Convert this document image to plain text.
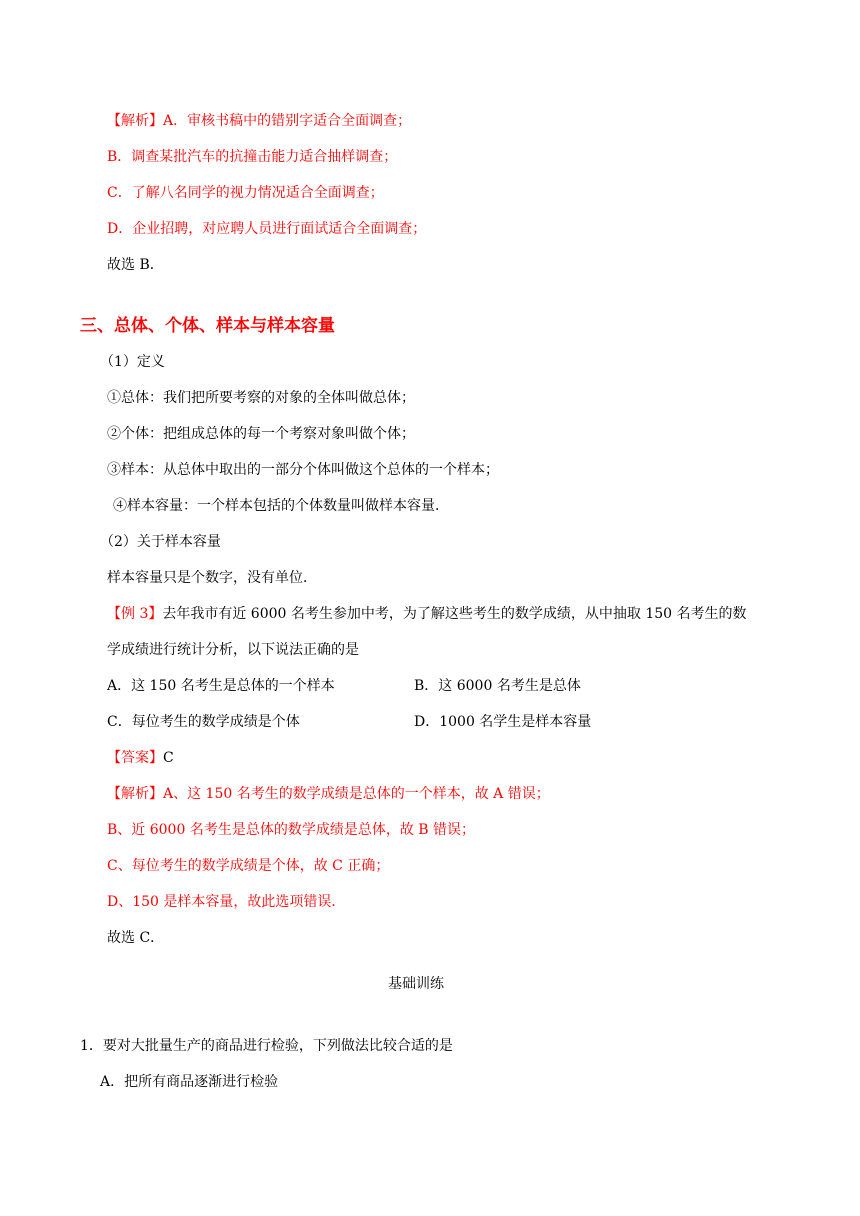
【解析】A．审核书稿中的错别字适合全面调查；
B．调查某批汽车的抗撞击能力适合抽样调查；
C．了解八名同学的视力情况适合全面调查；
D．企业招聘，对应聘人员进行面试适合全面调查；
故选 B．
三、总体、个体、样本与样本容量
（1）定义
①总体：我们把所要考察的对象的全体叫做总体；
②个体：把组成总体的每一个考察对象叫做个体；
③样本：从总体中取出的一部分个体叫做这个总体的一个样本；
④样本容量：一个样本包括的个体数量叫做样本容量．
（2）关于样本容量
样本容量只是个数字，没有单位．
【例 3】去年我市有近 6000 名考生参加中考，为了解这些考生的数学成绩，从中抽取 150 名考生的数
学成绩进行统计分析，以下说法正确的是
A．这 150 名考生是总体的一个样本	B．这 6000 名考生是总体
C．每位考生的数学成绩是个体	D．1000 名学生是样本容量
【答案】C
【解析】A、这 150 名考生的数学成绩是总体的一个样本，故 A 错误；
B、近 6000 名考生是总体的数学成绩是总体，故 B 错误；
C、每位考生的数学成绩是个体，故 C 正确；
D、150 是样本容量，故此选项错误．
故选 C．
基础训练
1．要对大批量生产的商品进行检验，下列做法比较合适的是
A．把所有商品逐渐进行检验
